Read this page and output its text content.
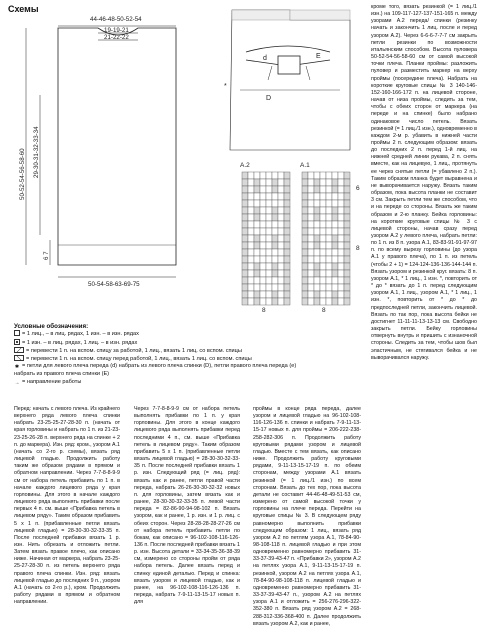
Схемы
44-46-48-50-52-54
19-19-21
21-22-22
50-52-54-56-58-60 29-30-31-32-33-34
6 7
50-54-58-63-69-75
d	E
D
*
A.2	A.1
8	8
6
8
Условные обозначения:
= 1 лиц., – в лиц. рядах, 1 изн. – в изн. рядах
= 1 изн. – в лиц. рядах, 1 лиц. – в изн. рядах
= перевести 1 п. на вспом. спицу за работой, 1 лиц., вязать 1 лиц. со вспом. спицы
= перевести 1 п. на вспом. спицу перед работой, 1 лиц., вязать 1 лиц. со вспом. спицы
✱ = петли для левого плеча переда (d) набрать из левого плеча спинки (D), петли правого плеча переда (e) набрать из правого плеча спинки (E)
→ = направление работы
Перед: начать с левого плеча. Из крайнего верхнего ряда левого плеча спинки набрать 23-25-25-27-28-30 п. (начать от края горловины и набрать по 1 п. из 21-23-23-25-26-28 п. верхнего ряда на спинке + 2 п. до маркера). Изн. ряд: кром., узором А.1 (начать со 2-го р. схемы), вязать ряд лицевой гладью. Продолжить работу таким же образом рядами в прямом и обратном направлении. Через 7-7-8-8-9-9 см от набора петель прибавить по 1 п. в начале каждого лицевого ряда у края горловины. Для этого в начале каждого лицевого ряда выполнять прибавки после первых 4 п. см. выше «Прибавка петель в лицевом ряду». Таким образом прибавить 5 х 1 п. (прибавленные петли вязать лицевой гладью) = 28-30-30-32-33-35 п. После последней прибавки вязать 1 р. изн. Нить обрезать и отложить петли. Затем вязать правое плечо, как описано ниже. Начиная от маркера, набрать 23-25-25-27-28-30 п. из петель верхнего ряда правого плеча спинки. Изн. ряд: вязать лицевой гладью до последних 9 п., узором А.1 (начать со 2-го р.), кром. Продолжить работу рядами в прямом и обратном направлении.
Через 7-7-8-8-9-9 см от набора петель выполнять прибавки по 1 п. у края горловины. Для этого в конце каждого лицевого ряда выполнять прибавки перед последними 4 п., см. выше «Прибавка петель в лицевом ряду». Таким образом прибавить 5 х 1 п. (прибавленные петли вязать лицевой гладью) = 28-30-30-32-33-35 п. После последней прибавки вязать 1 р. изн. Следующий ряд (= лиц. ряд): вязать как и ранее, петли правой части переда, набрать 26-26-30-30-32-32 новых п. для горловины, затем вязать как и ранее, 28-30-30-32-33-35 п. левой части переда = 82-86-90-94-98-102 п. Вязать узором, как и ранее, 1 р. изн. и 1 р. лиц. с обеих сторон. Через 28-28-28-28-27-26 см от набора петель прибавить петли по бокам, как описано = 96-102-108-116-126-136 п. После последней прибавки вязать 1 р. изн. Высота детали = 33-34-35-36-38-39 см, измерено со стороны пройм от ряда набора петель. Далее вязать перед и спинку единой деталью. Перед и спинка: вязать узором и лицевой гладью, как и ранее, на 96-102-108-116-126-136 п. переда, набрать 7-9-11-13-15-17 новых п. для
проймы в конце ряда переда, далее узором и лицевой гладью на 96-102-108-116-126-136 п. спинки и набрать 7-9-11-13-15-17 новых п. для проймы = 206-222-238-258-282-306 п. Продолжить работу круговыми рядами узором и лицевой гладью. Вместе с тем вязать, как описано ниже. Продолжить работу круговыми рядами, 9-11-13-15-17-19 п. по обеим сторонам, между узорами А.1 вязать резинкой (= 1 лиц./1 изн.) по всем сторонам. Вязать до тех пор, пока высота детали не составит 44-46-48-49-51-53 см, измерено от самой высокой точки у горловины на плече переда. Перейти на круговые спицы № 3. В следующем ряду равномерно выполнить прибавки следующим образом: 1 лиц., вязать ряд узором А.2 по петлям узора А.1, 78-84-90-98-108-118 п. лицевой гладью и при этом одновременно равномерно прибавить 31-33-37-39-43-47 п. «Прибавки 2», узором А.2 на петлях узора А.1, 9-11-13-15-17-19 п. резинкой, узором А.2 на петлях узора А.1, 78-84-90-98-108-118 п. лицевой гладью и одновременно равномерно прибавить 31-33-37-39-43-47 п., узором А.2 на петлях узора А.1 и отложить = 256-276-296-322-352-380 п. Вязать ряд узором А.2 = 268-288-312-336-368-400 п. Далее продолжить вязать узором А.2, как и ранее,
кроме того, вязать резинкой (= 1 лиц./1 изн.) на 109-117-127-137-151-165 п. между узорами А.2 переда/ спинки (резинку начать и закончить 1 лиц. после и перед узором А.2). Через 6-6-6-7-7-7 см закрыть петли резинки по возможности итальянским способом. Высота пуловера 50-52-54-56-58-60 см от самой высокой точки плеча. Планки проймы: разложить пуловер и разместить маркер на верху проймы (посередине плеча). Набрать на короткие круговые спицы № 3 140-146-152-160-166-172 п. на лицевой стороне, начав от низа проймы, следить за тем, чтобы с обеих сторон от маркера (на переде и на спинке) было набрано одинаковое число петель. Вязать резинкой (= 1 лиц./1 изн.), одновременно в каждом 2-м р. убавить в нижней части проймы 2 п. следующим образом: вязать до последних 2 п. перед 1-й лиц. на нижней средней линии рукава, 2 п. снять вместе, как на лицевую, 1 лиц., протянуть ее через снятые петли (= убавлено 2 п.). Таким образом планка будет выравнена и не выворачивается наружу. Вязать таким образом, пока высота планки не составит 3 см. Закрыть петли тем же способом, что и на переде со стороны. Вязать же таким образом и 2-ю планку. Бейка горловины: на короткие круговые спицы № 3 с лицевой стороны, начав сразу перед узором А.2 у левого плеча, набрать петли: по 1 п. из 8 п. узора А.1, 83-83-91-91-97-97 п. по всему вырезу горловины (до узора А.1 у правого плеча), по 1 п. из петель (чтобы 2 + 1) = 124-124-136-136-144-144 п. Вязать узором и резинкой круг. вязать: 8 п. узором А.1, * 1 лиц., 1 изн. *, повторить от * до * вязать до 1 п. перед следующим узором А.1, 1 лиц., узором А.1, * 1 лиц., 1 изн. *, повторить от * до * до предпоследней петли, закончить лицевой. Вязать по так пор, пока высота бейки не достигнет 11-11-11-13-13-13 см. Свободно закрыть петли. Бейку горловины отвернуть внутрь и пришить с изнаночной стороны. Следить за тем, чтобы шов был эластичным, не стягивался бейка и не выворачивался наружу.
